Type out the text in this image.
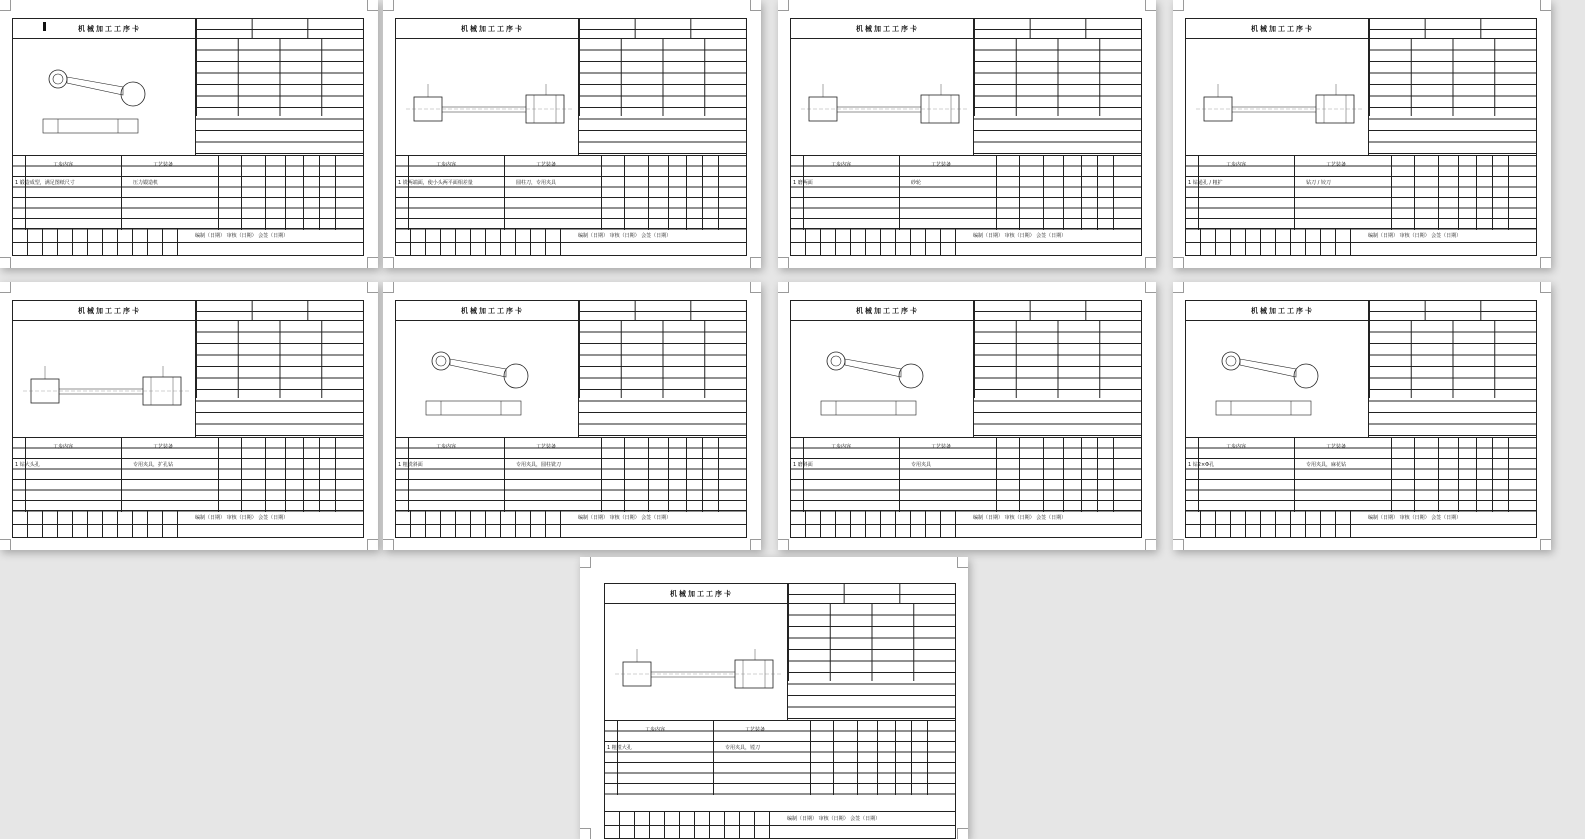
机械加工工序卡
工步内容	工艺装备
1 锻造成型，满足图纸尺寸	压力锻造机
编制（日期） 审核（日期） 会签（日期）
机械加工工序卡
工步内容	工艺装备
1 铣两端面，使小头两平面相差量	圆柱刀，专用夹具
编制（日期） 审核（日期） 会签（日期）
机械加工工序卡
工步内容	工艺装备
1 磨两面	砂轮
编制（日期） 审核（日期） 会签（日期）
机械加工工序卡
工步内容	工艺装备
1 钻通孔 / 粗扩	钻刀 / 铰刀
编制（日期） 审核（日期） 会签（日期）
机械加工工序卡
工步内容	工艺装备
1 钻大头孔	专用夹具，扩孔钻
编制（日期） 审核（日期） 会签（日期）
机械加工工序卡
工步内容	工艺装备
1 粗铣斜面	专用夹具，圆柱铣刀
编制（日期） 审核（日期） 会签（日期）
机械加工工序卡
工步内容	工艺装备
1 磨斜面	专用夹具
编制（日期） 审核（日期） 会签（日期）
机械加工工序卡
工步内容	工艺装备
1 钻2×Φ孔	专用夹具，麻花钻
编制（日期） 审核（日期） 会签（日期）
机械加工工序卡
工步内容	工艺装备
1 粗镗大孔	专用夹具，镗刀
编制（日期） 审核（日期） 会签（日期）
